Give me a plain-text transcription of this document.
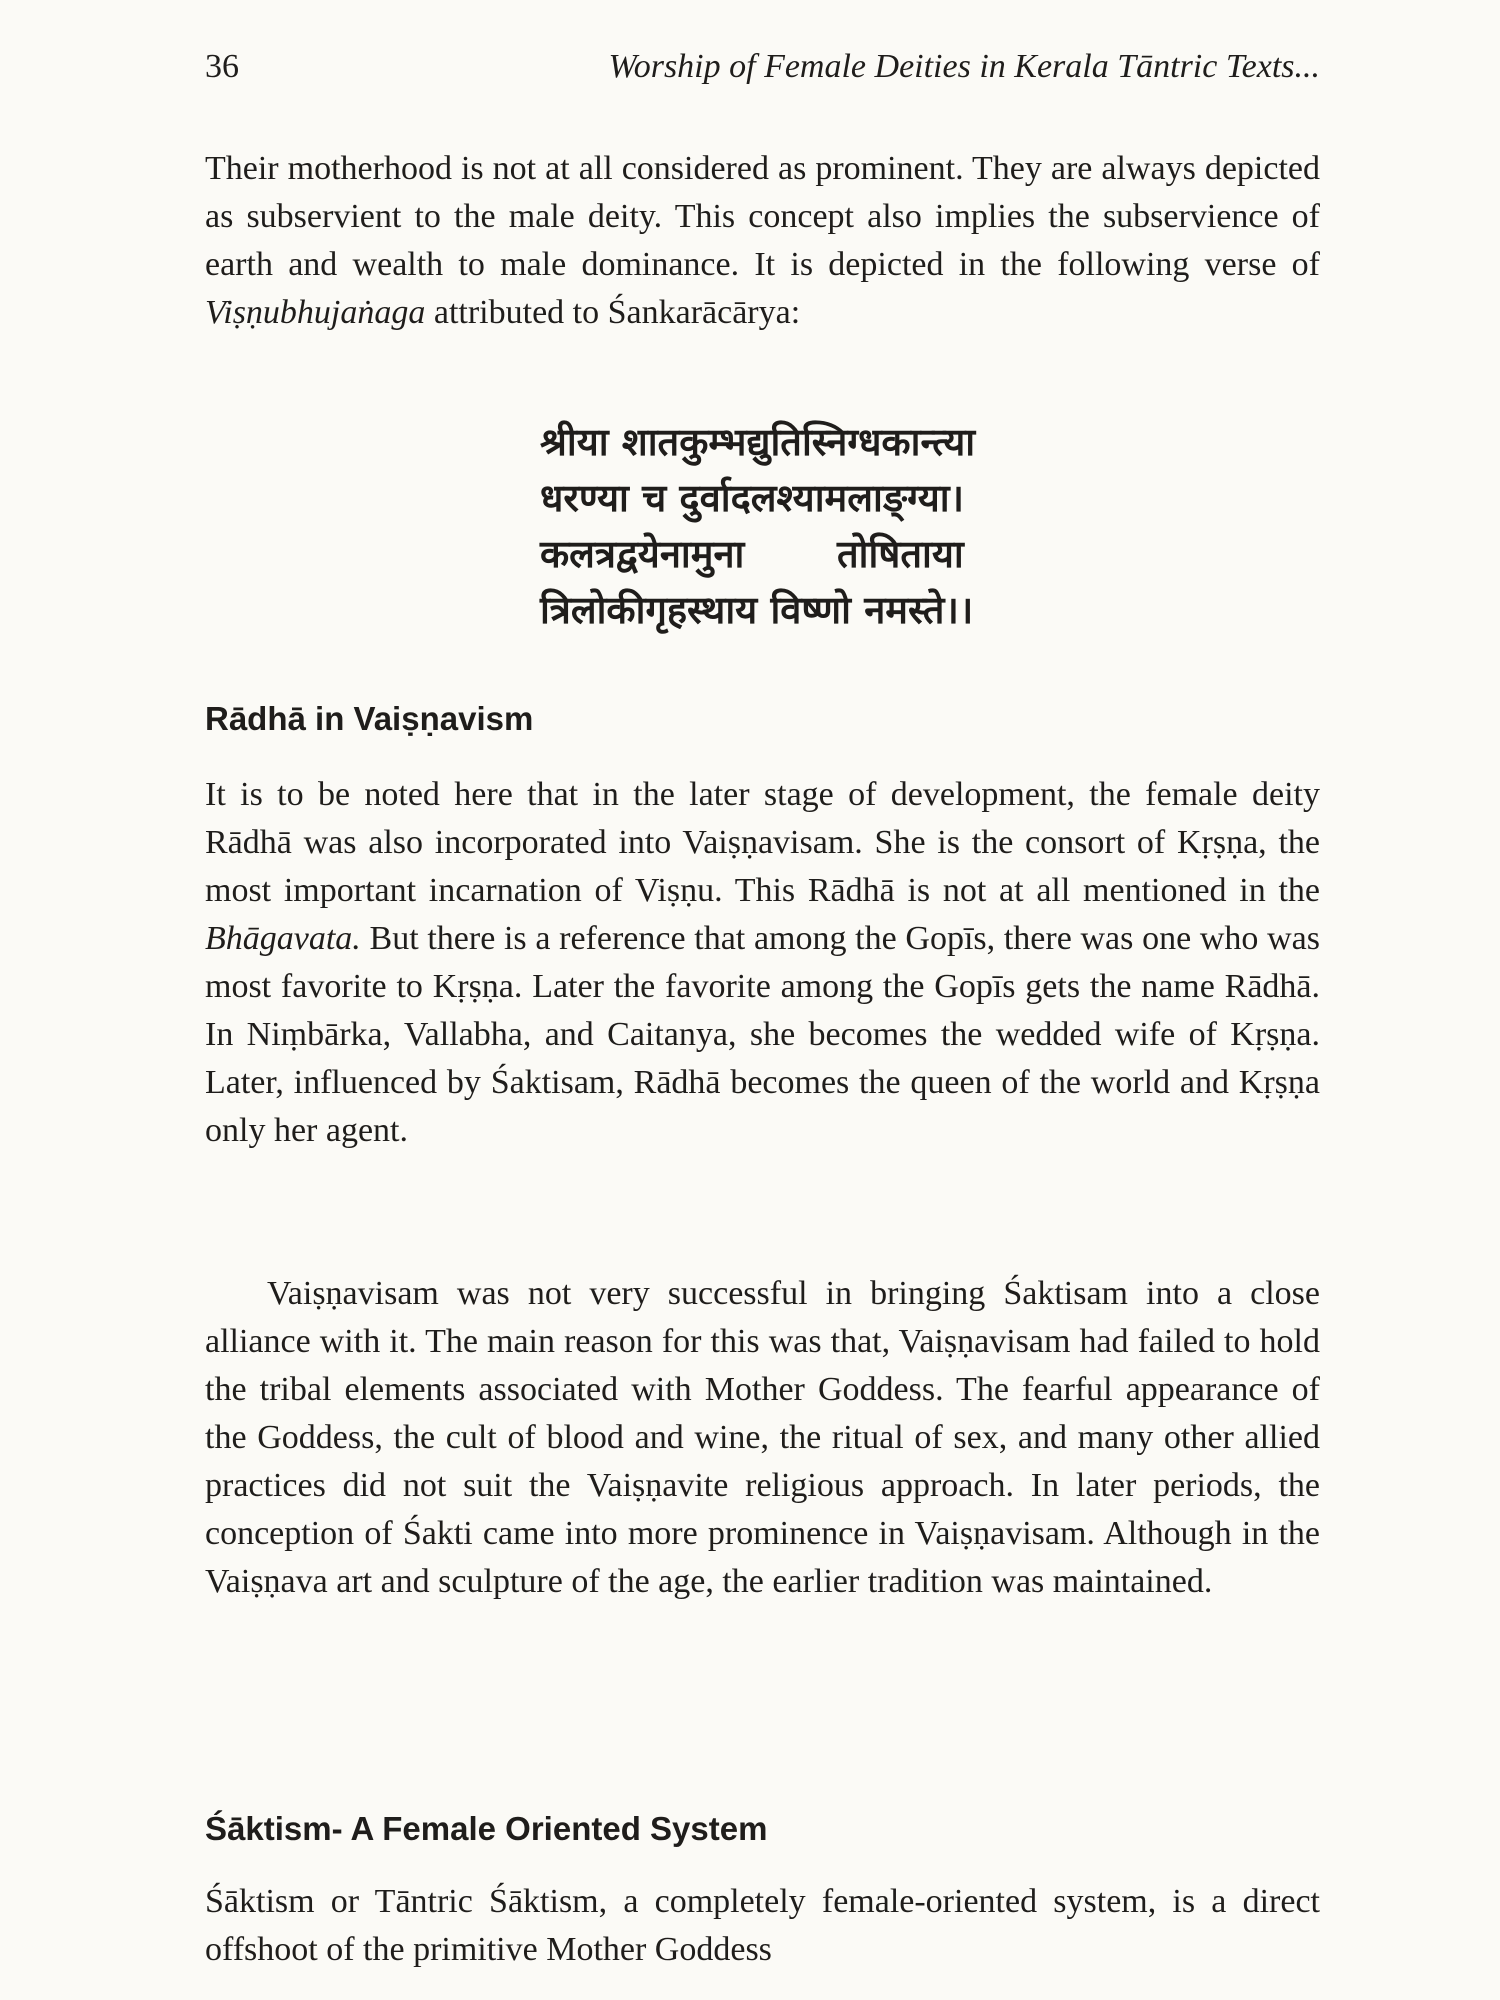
36	Worship of Female Deities in Kerala Tāntric Texts...

Their motherhood is not at all considered as prominent. They are always depicted as subservient to the male deity. This concept also implies the subservience of earth and wealth to male dominance. It is depicted in the following verse of Viṣṇubhujaṅaga attributed to Śankarācārya:

श्रीया शातकुम्भद्युतिस्निग्धकान्त्या
धरण्या च दुर्वादलश्यामलाङ्ग्या।
कलत्रद्वयेनामुना       तोषिताया
त्रिलोकीगृहस्थाय विष्णो नमस्ते।।
Rādhā in Vaiṣṇavism

It is to be noted here that in the later stage of development, the female deity Rādhā was also incorporated into Vaiṣṇavisam. She is the consort of Kṛṣṇa, the most important incarnation of Viṣṇu. This Rādhā is not at all mentioned in the Bhāgavata. But there is a reference that among the Gopīs, there was one who was most favorite to Kṛṣṇa. Later the favorite among the Gopīs gets the name Rādhā. In Niṃbārka, Vallabha, and Caitanya, she becomes the wedded wife of Kṛṣṇa. Later, influenced by Śaktisam, Rādhā becomes the queen of the world and Kṛṣṇa only her agent.

Vaiṣṇavisam was not very successful in bringing Śaktisam into a close alliance with it. The main reason for this was that, Vaiṣṇavisam had failed to hold the tribal elements associated with Mother Goddess. The fearful appearance of the Goddess, the cult of blood and wine, the ritual of sex, and many other allied practices did not suit the Vaiṣṇavite religious approach. In later periods, the conception of Śakti came into more prominence in Vaiṣṇavisam. Although in the Vaiṣṇava art and sculpture of the age, the earlier tradition was maintained.

Śāktism- A Female Oriented System

Śāktism or Tāntric Śāktism, a completely female-oriented system, is a direct offshoot of the primitive Mother Goddess
